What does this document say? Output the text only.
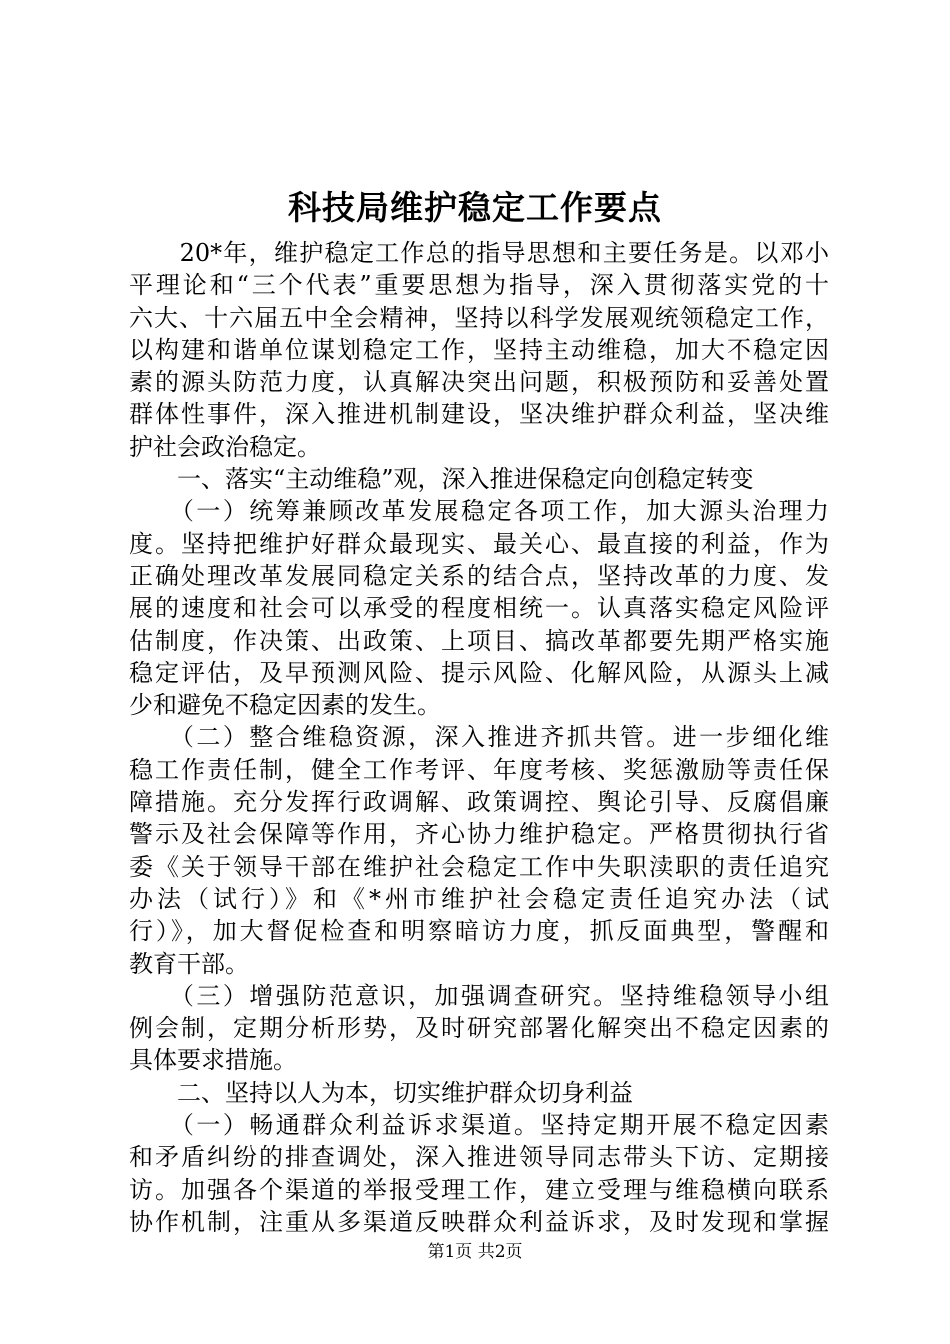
科技局维护稳定工作要点
　　20*年，维护稳定工作总的指导思想和主要任务是。以邓小
平理论和“三个代表”重要思想为指导，深入贯彻落实党的十
六大、十六届五中全会精神，坚持以科学发展观统领稳定工作，
以构建和谐单位谋划稳定工作，坚持主动维稳，加大不稳定因
素的源头防范力度，认真解决突出问题，积极预防和妥善处置
群体性事件，深入推进机制建设，坚决维护群众利益，坚决维
护社会政治稳定。
　　一、落实“主动维稳”观，深入推进保稳定向创稳定转变
　　（一）统筹兼顾改革发展稳定各项工作，加大源头治理力
度。坚持把维护好群众最现实、最关心、最直接的利益，作为
正确处理改革发展同稳定关系的结合点，坚持改革的力度、发
展的速度和社会可以承受的程度相统一。认真落实稳定风险评
估制度，作决策、出政策、上项目、搞改革都要先期严格实施
稳定评估，及早预测风险、提示风险、化解风险，从源头上减
少和避免不稳定因素的发生。
　　（二）整合维稳资源，深入推进齐抓共管。进一步细化维
稳工作责任制，健全工作考评、年度考核、奖惩激励等责任保
障措施。充分发挥行政调解、政策调控、舆论引导、反腐倡廉
警示及社会保障等作用，齐心协力维护稳定。严格贯彻执行省
委《关于领导干部在维护社会稳定工作中失职渎职的责任追究
办法（试行）》和《*州市维护社会稳定责任追究办法（试
行）》，加大督促检查和明察暗访力度，抓反面典型，警醒和
教育干部。
　　（三）增强防范意识，加强调查研究。坚持维稳领导小组
例会制，定期分析形势，及时研究部署化解突出不稳定因素的
具体要求措施。
　　二、坚持以人为本，切实维护群众切身利益
　　（一）畅通群众利益诉求渠道。坚持定期开展不稳定因素
和矛盾纠纷的排查调处，深入推进领导同志带头下访、定期接
访。加强各个渠道的举报受理工作，建立受理与维稳横向联系
协作机制，注重从多渠道反映群众利益诉求，及时发现和掌握
第1页 共2页
